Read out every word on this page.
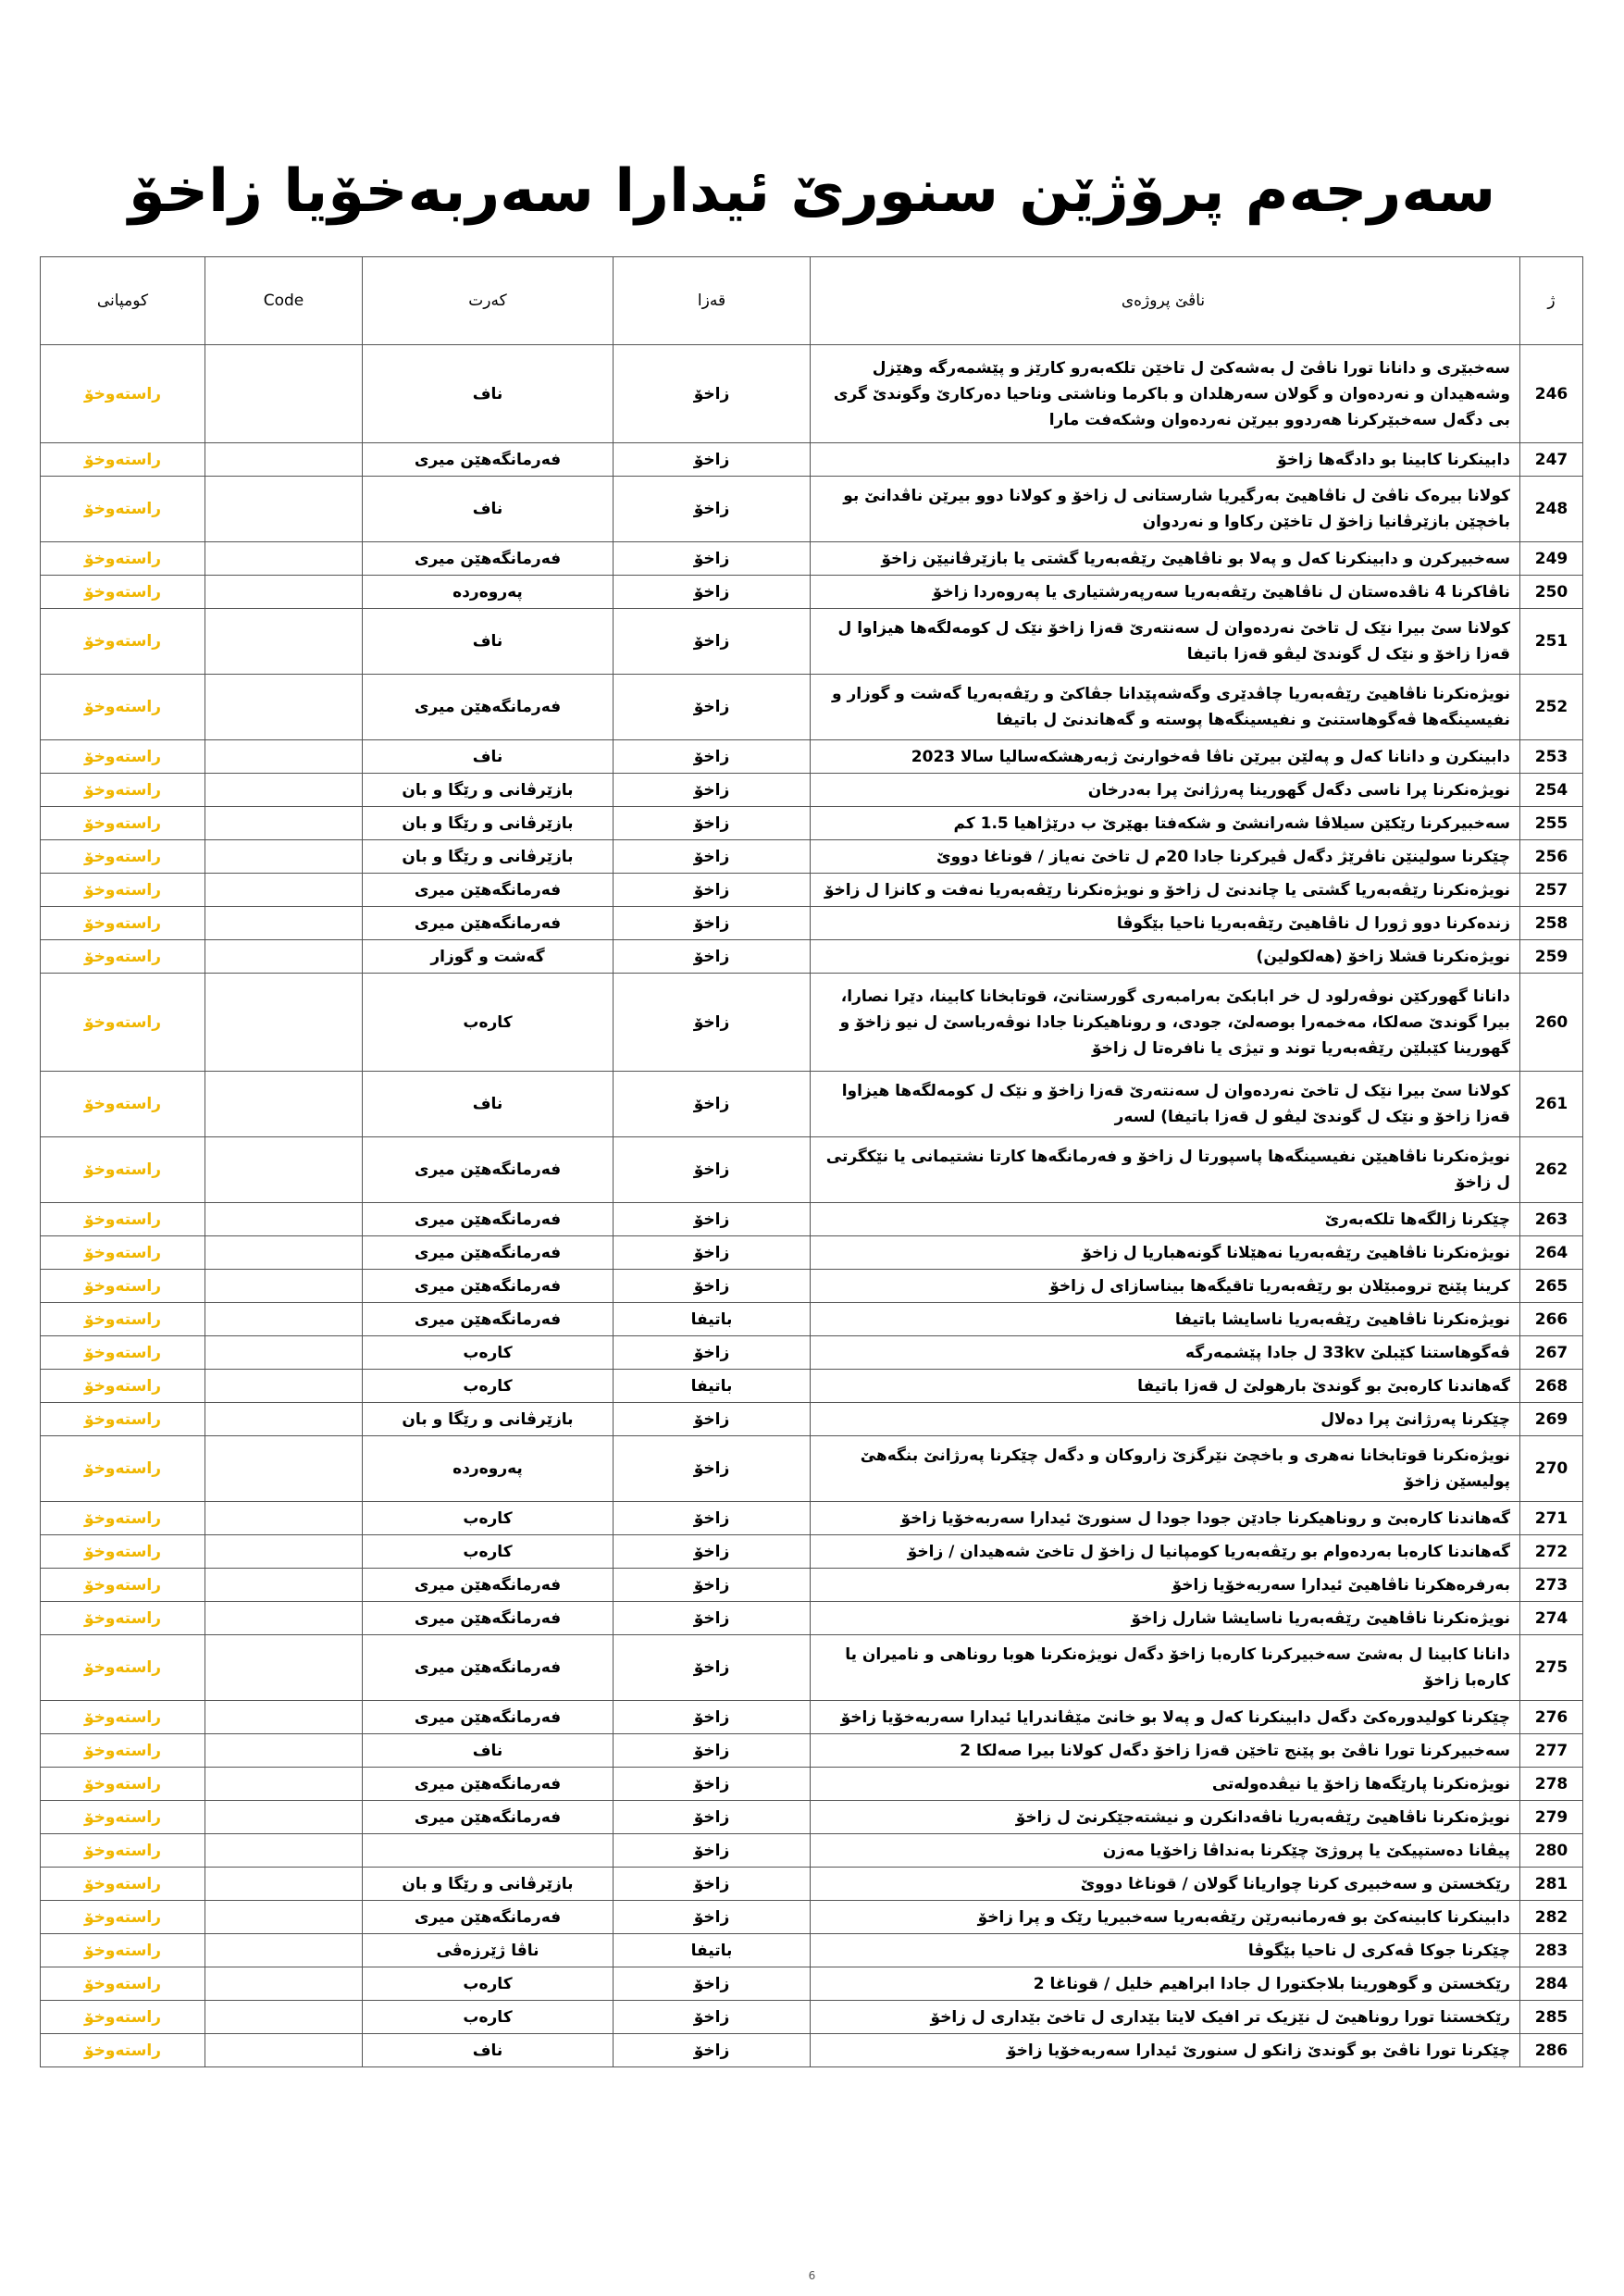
سەرجەم پرۆژێن سنورێ ئیدارا سەربەخۆیا زاخۆ
ژ	ناڤێ پروژەی	قەزا	کەرت	Code	کومپانی
246	سەخبێری و دانانا تورا ناڤێ ل بەشەکێ ل تاخێن تلکەبەرو کارێز و پێشمەرگە وهێزل وشەهیدان و نەردەوان و گولان سەرهلدان و باکرما وناشتی وناحیا دەرکارێ وگوندێ گری بی دگەل سەخبێرکرنا هەردوو بیرێن نەردەوان وشکەفت مارا	زاخۆ	ناف		راستەوخۆ
247	دابینکرنا کابینا بو دادگەها زاخۆ	زاخۆ	فەرمانگەهێن میری		راستەوخۆ
248	کولانا بیرەک ناڤێ ل ناڤاهیێ بەرگیریا شارستانی ل زاخۆ و کولانا دوو بیرێن ناڤدانێ بو باخچێن بازێرڤانیا زاخۆ ل تاخێن رکاوا و نەردوان	زاخۆ	ناف		راستەوخۆ
249	سەخبیرکرن و دابینکرنا کەل و پەلا بو ناڤاهیێ رێڤەبەریا گشتی یا بازێرڤانیێن زاخۆ	زاخۆ	فەرمانگەهێن میری		راستەوخۆ
250	ناڤاکرنا 4 ناڤدەستان ل ناڤاهیێ رێڤەبەریا سەرپەرشتیاری یا پەروەردا زاخۆ	زاخۆ	پەروەردە		راستەوخۆ
251	کولانا سێ بیرا نێک ل تاخێ نەردەوان ل سەنتەرێ قەزا زاخۆ نێک ل کومەلگەها هیزاوا ل قەزا زاخۆ و نێک ل گوندێ لیڤو قەزا باتیفا	زاخۆ	ناف		راستەوخۆ
252	نویژەنکرنا ناڤاهیێ رێڤەبەریا چاڤدێری وگەشەپێدانا جڤاکێ و رێڤەبەریا گەشت و گوزار و نفیسینگەها ڤەگوهاستنێ و نفیسینگەها پوستە و گەهاندنێ ل باتیفا	زاخۆ	فەرمانگەهێن میری		راستەوخۆ
253	دابینکرن و دانانا کەل و پەلێن بیرێن ناڤا ڤەخوارنێ ژبەرهشکەسالیا سالا 2023	زاخۆ	ناف		راستەوخۆ
254	نویژەنکرنا پرا ناسی دگەل گهورینا پەرژانێ پرا بەدرخان	زاخۆ	بازێرڤانی و رێگا و بان		راستەوخۆ
255	سەخبیرکرنا رێکێن سیلاڤا شەرانشێ و شکەفتا بهێرێ ب درێژاهیا 1.5 کم	زاخۆ	بازێرڤانی و رێگا و بان		راستەوخۆ
256	چێکرنا سولینێن ناڤرێژ دگەل ڤیرکرنا جادا 20م ل تاخێ نەیاز / قوناغا دووێ	زاخۆ	بازێرڤانی و رێگا و بان		راستەوخۆ
257	نویژەنکرنا رێڤەبەریا گشتی یا چاندنێ ل زاخۆ و نویژەنکرنا رێڤەبەریا نەفت و کانزا ل زاخۆ	زاخۆ	فەرمانگەهێن میری		راستەوخۆ
258	زندەکرنا دوو ژورا ل ناڤاهیێ رێڤەبەریا ناحیا بێگوڤا	زاخۆ	فەرمانگەهێن میری		راستەوخۆ
259	نویژەنکرنا قشلا زاخۆ (هەلکولین)	زاخۆ	گەشت و گوزار		راستەوخۆ
260	دانانا گهورکێن نوڤەرلود ل خر ابابکێ بەرامبەری گورستانێ، قوتابخانا کابینا، دێرا نصارا، بیرا گوندێ صەلکا، مەخمەرا بوصەلێ، جودی، و روناهیکرنا جادا نوڤەرباسێ ل نیو زاخۆ و گهورینا کێبلێن رێڤەبەریا توند و تیژی یا نافرەتا ل زاخۆ	زاخۆ	کارەب		راستەوخۆ
261	کولانا سێ بیرا نێک ل تاخێ نەردەوان ل سەنتەرێ قەزا زاخۆ و نێک ل کومەلگەها هیزاوا قەزا زاخۆ و نێک ل گوندێ لیڤو ل قەزا باتیفا) لسەر	زاخۆ	ناف		راستەوخۆ
262	نویژەنکرنا ناڤاهیێن نفیسینگەها پاسپورتا ل زاخۆ و فەرمانگەها کارتا نشتیمانی یا نێکگرتی ل زاخۆ	زاخۆ	فەرمانگەهێن میری		راستەوخۆ
263	چێکرنا زالگەها تلکەبەرێ	زاخۆ	فەرمانگەهێن میری		راستەوخۆ
264	نویژەنکرنا ناڤاهیێ رێڤەبەریا نەهێلانا گونەهباریا ل زاخۆ	زاخۆ	فەرمانگەهێن میری		راستەوخۆ
265	کرینا پێنج ترومبێلان بو رێڤەبەریا تاقیگەها بیناسازای ل زاخۆ	زاخۆ	فەرمانگەهێن میری		راستەوخۆ
266	نویژەنکرنا ناڤاهیێ رێڤەبەریا ناسایشا باتیفا	باتیفا	فەرمانگەهێن میری		راستەوخۆ
267	ڤەگوهاستنا کێبلێ 33kv ل جادا پێشمەرگە	زاخۆ	کارەب		راستەوخۆ
268	گەهاندنا کارەبێ بو گوندێ بارهولێ ل قەزا باتیفا	باتیفا	کارەب		راستەوخۆ
269	چێکرنا پەرژانێ پرا دەلال	زاخۆ	بازێرڤانی و رێگا و بان		راستەوخۆ
270	نویژەنکرنا قوتابخانا نەهری و باخچێ نێرگزێ زاروکان و دگەل چێکرنا پەرژانێ بنگەهێ پولیسێن زاخۆ	زاخۆ	پەروەردە		راستەوخۆ
271	گەهاندنا کارەبێ و روناهیکرنا جادێن جودا جودا ل سنورێ ئیدارا سەربەخۆیا زاخۆ	زاخۆ	کارەب		راستەوخۆ
272	گەهاندنا کارەبا بەردەوام بو رێڤەبەریا کومپانیا ل زاخۆ ل تاخێ شەهیدان / زاخۆ	زاخۆ	کارەب		راستەوخۆ
273	بەرفرەهکرنا ناڤاهیێ ئیدارا سەربەخۆیا زاخۆ	زاخۆ	فەرمانگەهێن میری		راستەوخۆ
274	نویژەنکرنا ناڤاهیێ رێڤەبەریا ناسایشا شارل زاخۆ	زاخۆ	فەرمانگەهێن میری		راستەوخۆ
275	دانانا کابینا ل بەشێ سەخبیرکرنا کارەبا زاخۆ دگەل نویژەنکرنا هوبا روناهی و نامیران یا کارەبا زاخۆ	زاخۆ	فەرمانگەهێن میری		راستەوخۆ
276	چێکرنا کولیدورەکێ دگەل دابینکرنا کەل و پەلا بو خانێ مێڤاندرایا ئیدارا سەربەخۆیا زاخۆ	زاخۆ	فەرمانگەهێن میری		راستەوخۆ
277	سەخبیرکرنا تورا ناڤێ بو پێنج تاخێن قەزا زاخۆ دگەل کولانا بیرا صەلکا 2	زاخۆ	ناف		راستەوخۆ
278	نویژەنکرنا پارێگەها زاخۆ یا نیڤدەولەتی	زاخۆ	فەرمانگەهێن میری		راستەوخۆ
279	نویژەنکرنا ناڤاهیێ رێڤەبەریا ناڤەدانکرن و نیشتەجێکرنێ ل زاخۆ	زاخۆ	فەرمانگەهێن میری		راستەوخۆ
280	پیڤانا دەستپیکێ یا پروژێ چێکرنا بەنداڤا زاخۆیا مەزن	زاخۆ			راستەوخۆ
281	رێکخستن و سەخبیری کرنا چواریانا گولان / قوناغا دووێ	زاخۆ	بازێرڤانی و رێگا و بان		راستەوخۆ
282	دابینکرنا کابینەکێ بو فەرمانبەرێن رێڤەبەریا سەخبیریا رێک و پرا زاخۆ	زاخۆ	فەرمانگەهێن میری		راستەوخۆ
283	چێکرنا جوکا ڤەکری ل ناحیا بێگوڤا	باتیفا	ناڤا ژێرزەڤی		راستەوخۆ
284	رێکخستن و گوهورینا بلاجکتورا ل جادا ابراهیم خلیل / قوناغا 2	زاخۆ	کارەب		راستەوخۆ
285	رێکخستنا تورا روناهیێ ل نێزیک تر افیک لایتا بێداری ل تاخێ بێداری ل زاخۆ	زاخۆ	کارەب		راستەوخۆ
286	چێکرنا تورا ناڤێ بو گوندێ زانکو ل سنورێ ئیدارا سەربەخۆیا زاخۆ	زاخۆ	ناف		راستەوخۆ
6
